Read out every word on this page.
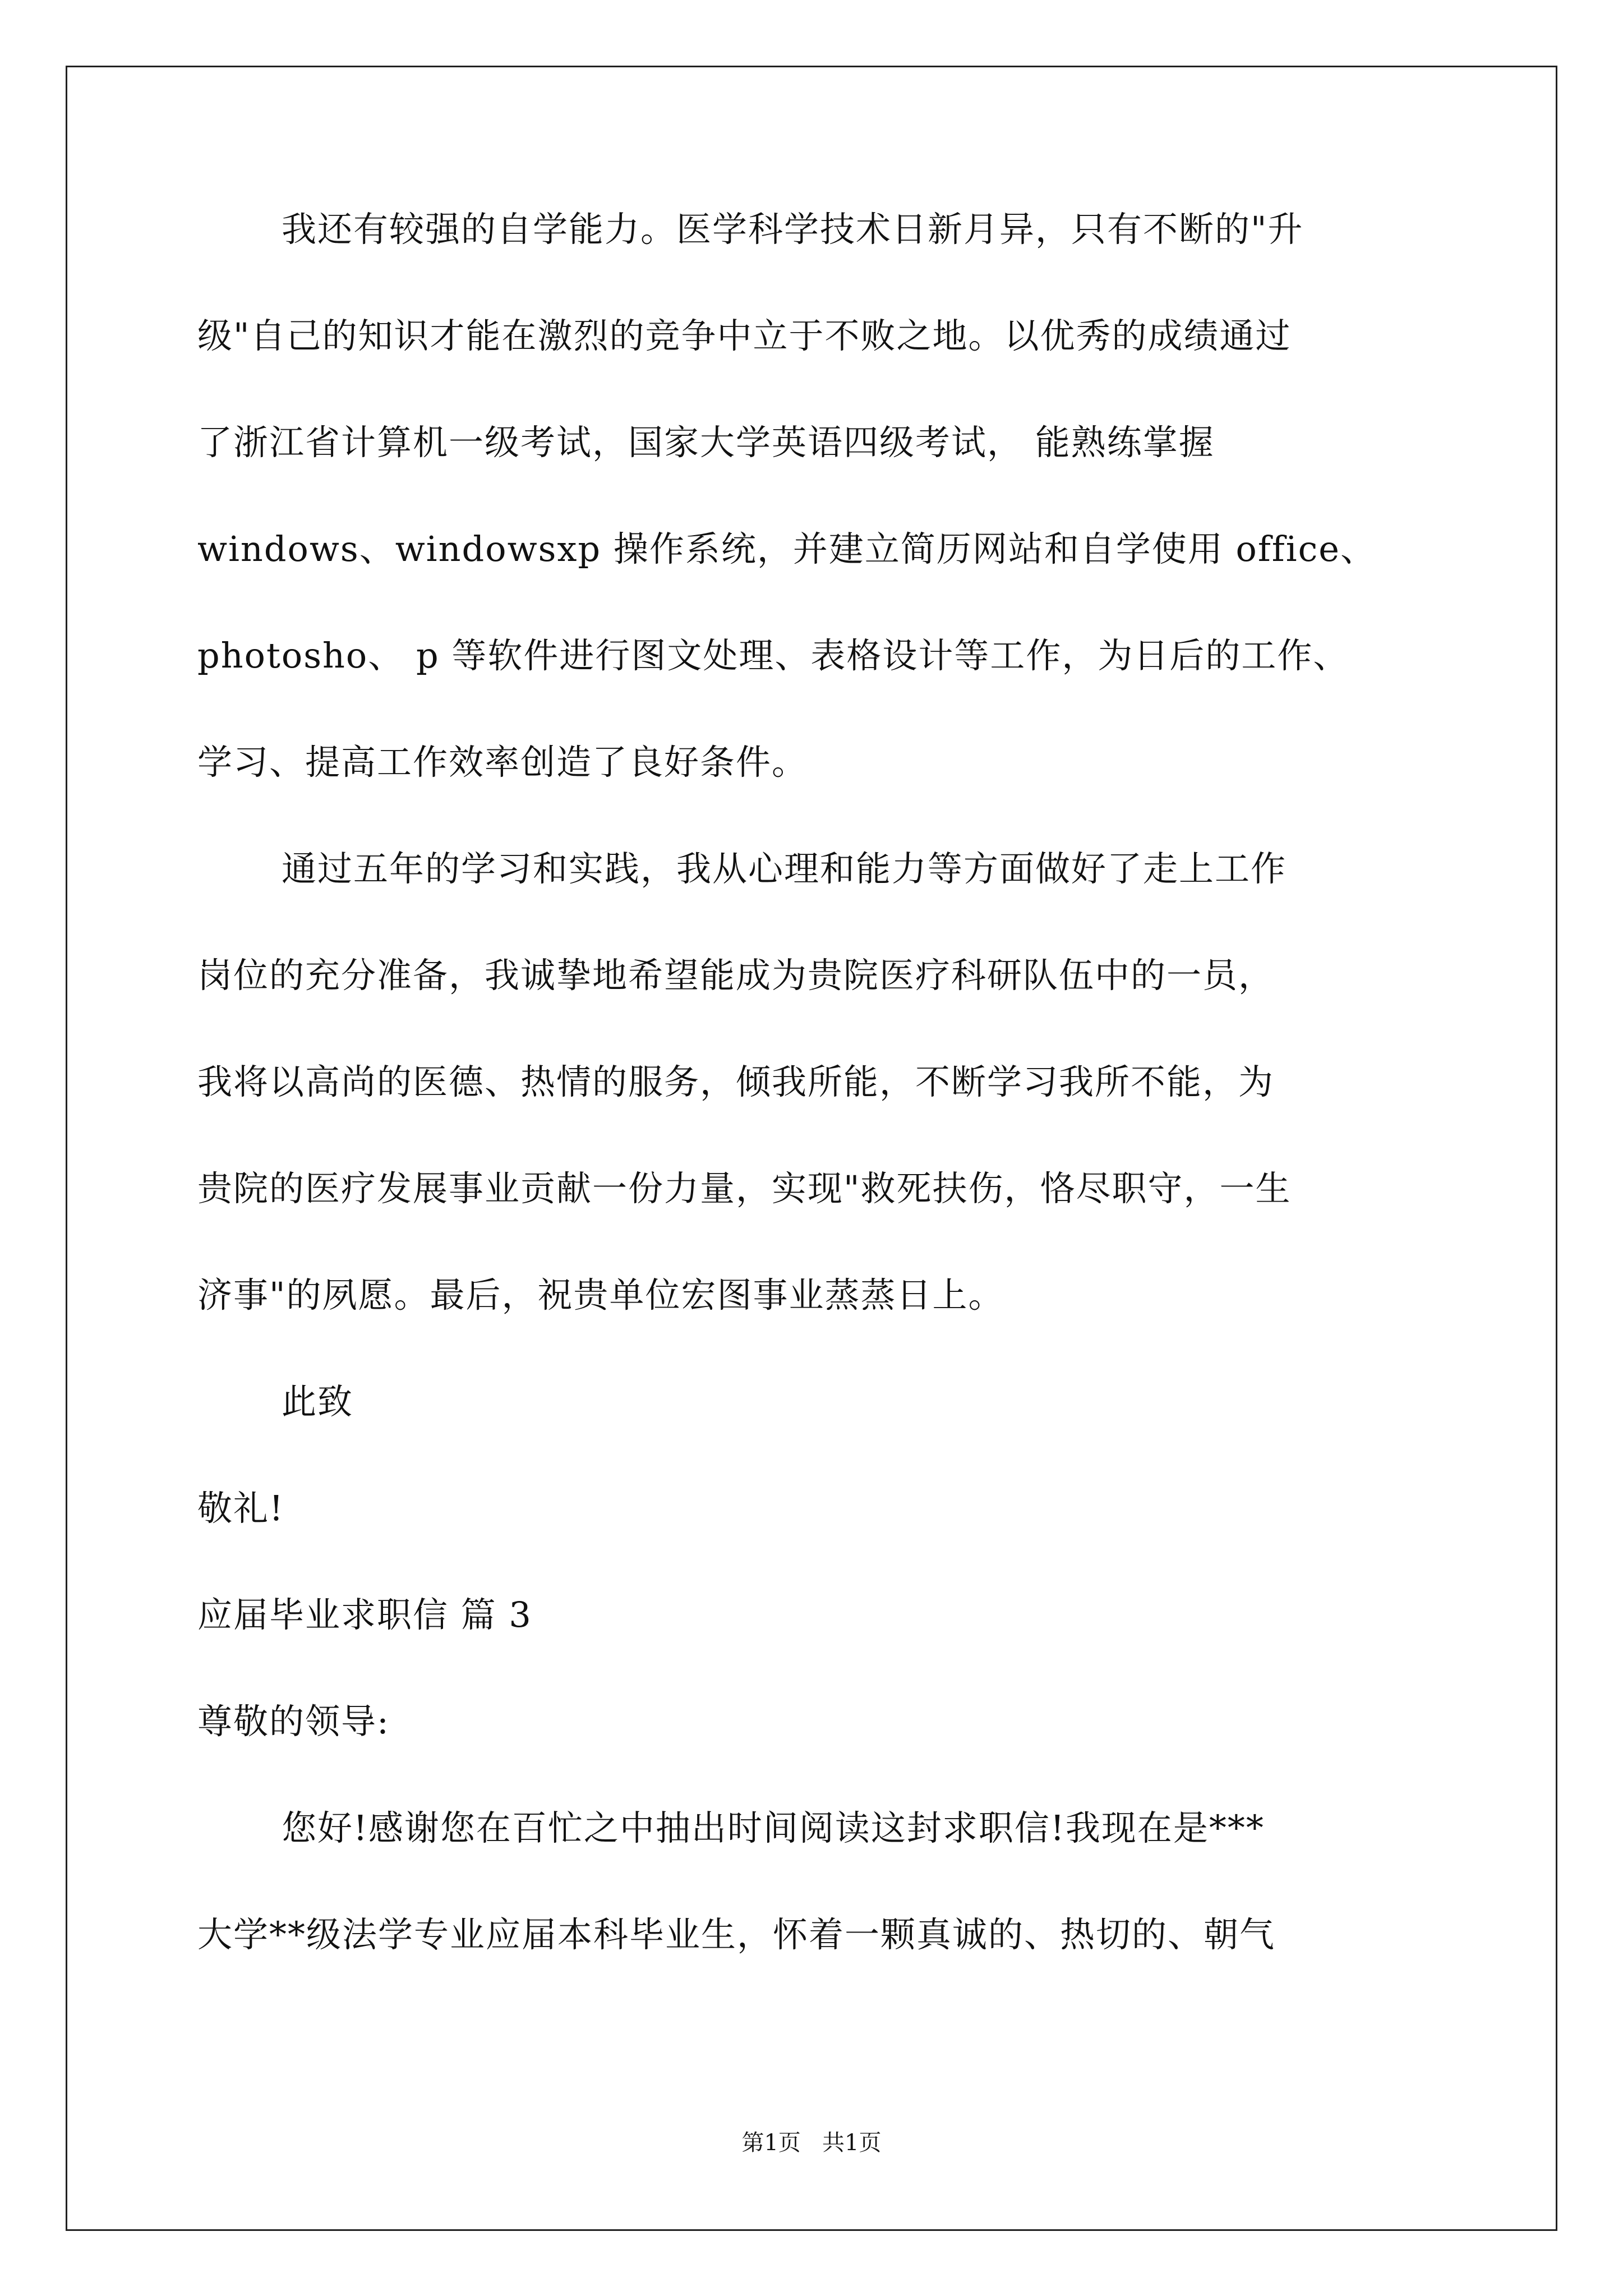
我还有较强的自学能力。医学科学技术日新月异，只有不断的"升
级"自己的知识才能在激烈的竞争中立于不败之地。以优秀的成绩通过
了浙江省计算机一级考试，国家大学英语四级考试， 能熟练掌握
windows、windowsxp 操作系统，并建立简历网站和自学使用 office、
photosho、 p 等软件进行图文处理、表格设计等工作，为日后的工作、
学习、提高工作效率创造了良好条件。
通过五年的学习和实践，我从心理和能力等方面做好了走上工作
岗位的充分准备，我诚挚地希望能成为贵院医疗科研队伍中的一员，
我将以高尚的医德、热情的服务，倾我所能，不断学习我所不能，为
贵院的医疗发展事业贡献一份力量，实现"救死扶伤，恪尽职守，一生
济事"的夙愿。最后，祝贵单位宏图事业蒸蒸日上。
此致
敬礼!
应届毕业求职信 篇 3
尊敬的领导:
您好!感谢您在百忙之中抽出时间阅读这封求职信!我现在是***
大学**级法学专业应届本科毕业生，怀着一颗真诚的、热切的、朝气
第1页   共1页
